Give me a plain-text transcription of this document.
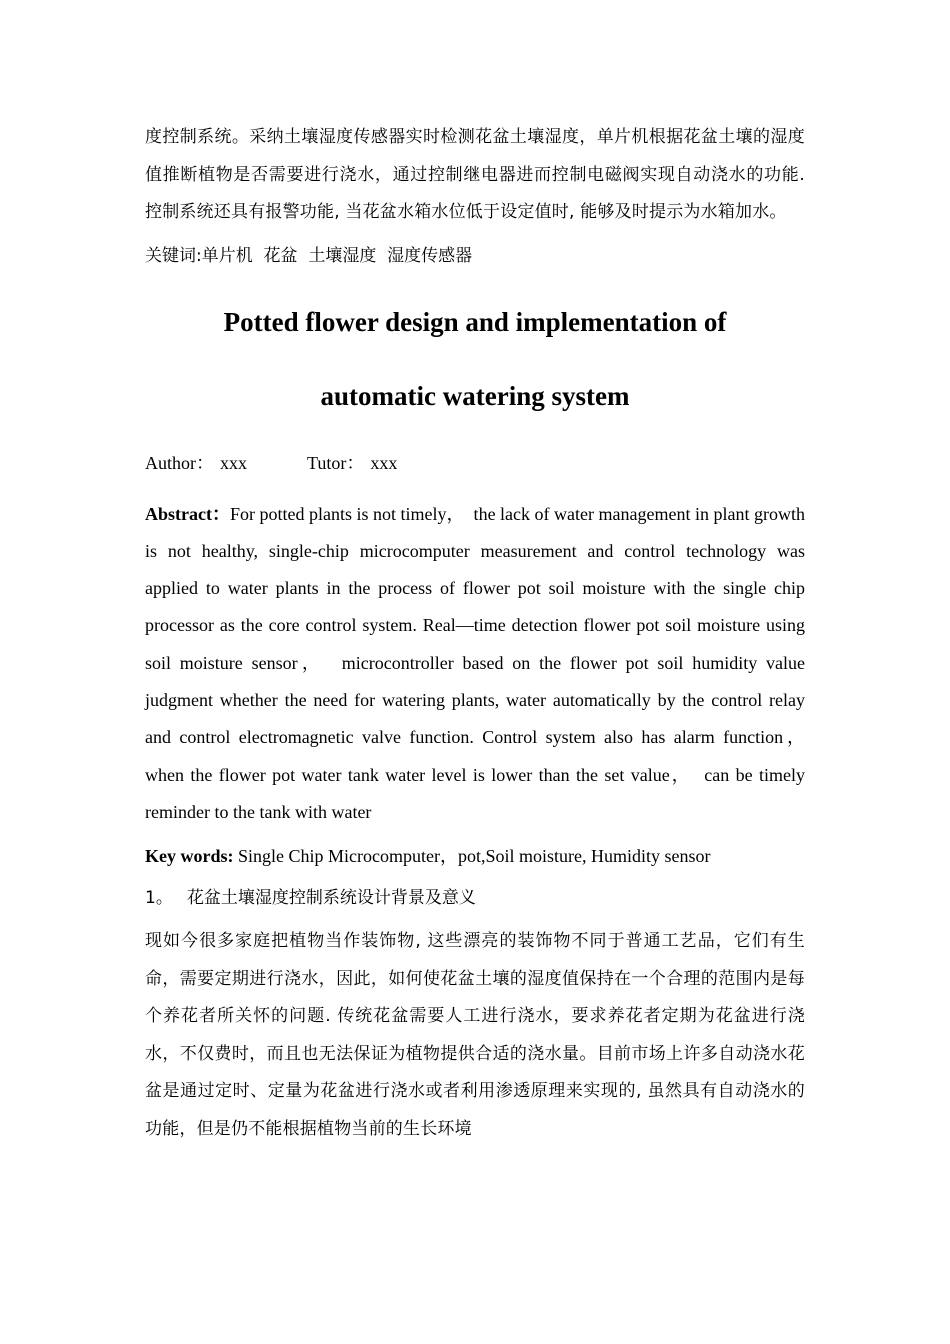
度控制系统。采纳土壤湿度传感器实时检测花盆土壤湿度，单片机根据花盆土壤的湿度值推断植物是否需要进行浇水，通过控制继电器进而控制电磁阀实现自动浇水的功能. 控制系统还具有报警功能, 当花盆水箱水位低于设定值时, 能够及时提示为水箱加水。

关键词:单片机  花盆  土壤湿度  湿度传感器
Potted flower design and implementation of
automatic watering system
Author： xxx	Tutor： xxx
Abstract：For potted plants is not timely，  the lack of water management in plant growth is not healthy, single-chip microcomputer measurement and control technology was applied to water plants in the process of flower pot soil moisture with the single chip processor as the core control system. Real—time detection flower pot soil moisture using soil moisture sensor，  microcontroller based on the flower pot soil humidity value judgment whether the need for watering plants, water automatically by the control relay and control electromagnetic valve function. Control system also has alarm function，  when the flower pot water tank water level is lower than the set value，  can be timely reminder to the tank with water
Key words: Single Chip Microcomputer，pot,Soil moisture, Humidity sensor
1。 花盆土壤湿度控制系统设计背景及意义

现如今很多家庭把植物当作装饰物, 这些漂亮的装饰物不同于普通工艺品，它们有生命，需要定期进行浇水，因此，如何使花盆土壤的湿度值保持在一个合理的范围内是每个养花者所关怀的问题. 传统花盆需要人工进行浇水，要求养花者定期为花盆进行浇水，不仅费时，而且也无法保证为植物提供合适的浇水量。目前市场上许多自动浇水花盆是通过定时、定量为花盆进行浇水或者利用渗透原理来实现的, 虽然具有自动浇水的功能，但是仍不能根据植物当前的生长环境
